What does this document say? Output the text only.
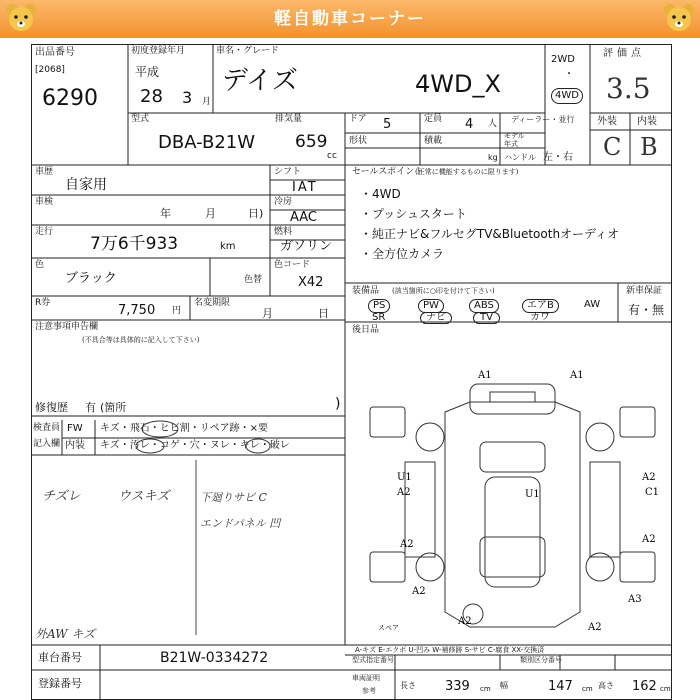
軽自動車コーナー
出品番号
[2068]
6290
初度登録年月
平成
28 3 月
車名・グレード
デイズ	4WD_X
2WD
・
4WD
評価点
3.5
外装 内装
C B
型式
DBA-B21W
排気量
659
cc
ドア 5	定員 4 人
形状	積載
kg
ディーラー・並行
モデル
年式
ハンドル 左・右
車歴
自家用
車検
年	月	日)
走行
7万6千933	km
シフト
IAT
冷房
AAC
燃料
ガソリン
色
ブラック	色替
色コード
X42
R券	7,750 円
名変期限
月	日
注意事項申告欄
(不具合等は具体的に記入して下さい)
修復歴 有 (箇所	)
セールスポイント
(正常に機能するものに限ります)
・4WD
・プッシュスタート
・純正ナビ&フルセグTV&Bluetoothオーディオ
・全方位カメラ
装備品 (該当箇所に○印を付けて下さい)
PS	PW	ABS	エアB	AW
SR	ナビ	TV	カワ
新車保証
有・無
後日品
検査員
記入欄
FW
内装
キズ・飛石・ヒビ割・リペア跡・×要
キズ・汚レ・コゲ・穴・ヌレ・キレ・破レ
チズレ	ウスキズ	下廻りサビ C
エンドパネル 凹
外AW キズ
A1	A1
U1
A2
A2
C1
U1
A2	A2
A2
A3
A2
A2
スペア
A-キズ E-エクボ U-凹み W-補修跡 S-サビ C-腐食 XX-交換済
車台番号	B21W-0334272
登録番号
型式指定番号	類別区分番号
車両証明
参考
長さ 339 cm 幅	147 cm 高さ 162 cm
